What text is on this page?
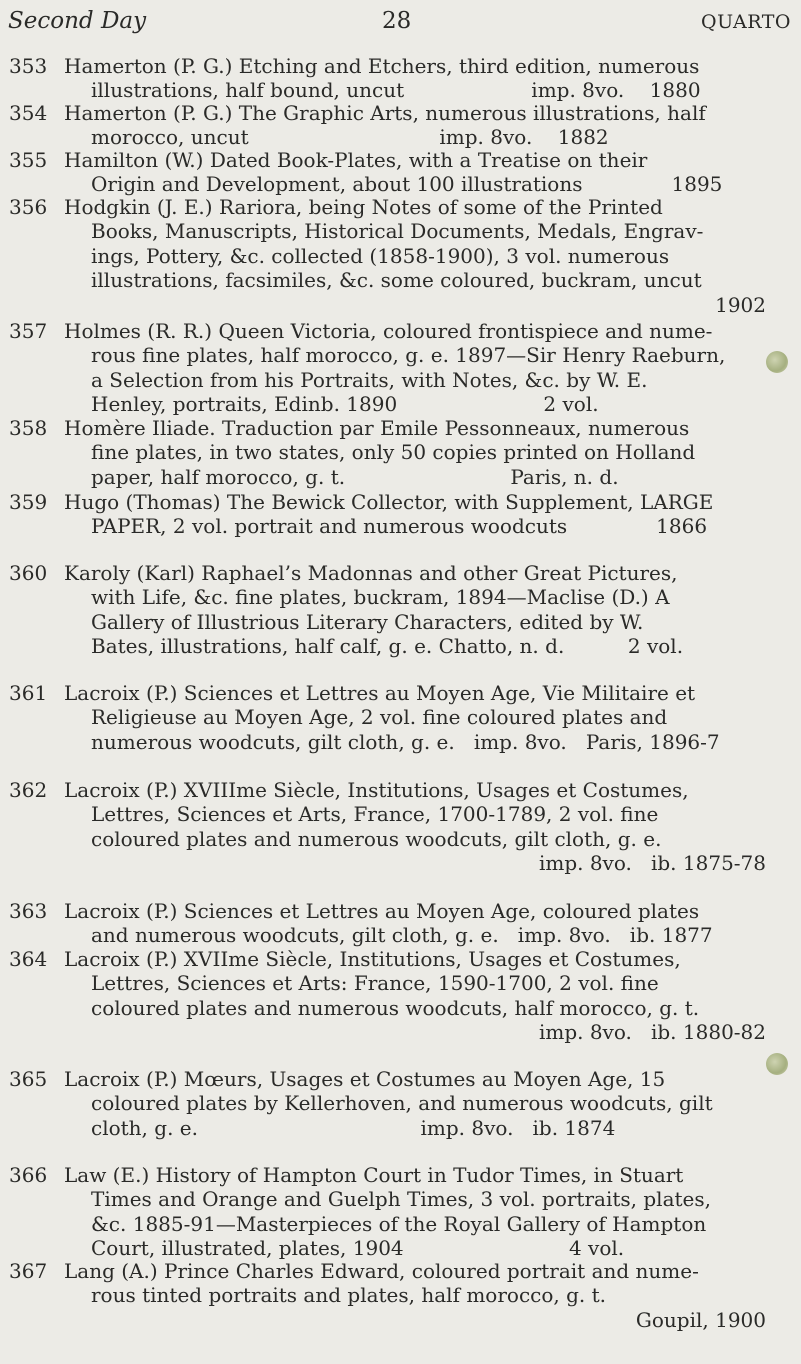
Second Day	28	QUARTO
353 Hamerton (P. G.) Etching and Etchers, third edition, numerous
illustrations, half bound, uncut                    imp. 8vo.    1880
354 Hamerton (P. G.) The Graphic Arts, numerous illustrations, half
morocco, uncut                              imp. 8vo.    1882
355 Hamilton (W.) Dated Book-Plates, with a Treatise on their
Origin and Development, about 100 illustrations              1895
356 Hodgkin (J. E.) Rariora, being Notes of some of the Printed
Books, Manuscripts, Historical Documents, Medals, Engrav-
ings, Pottery, &c. collected (1858-1900), 3 vol. numerous
illustrations, facsimiles, &c. some coloured, buckram, uncut
1902
357 Holmes (R. R.) Queen Victoria, coloured frontispiece and nume-
rous fine plates, half morocco, g. e. 1897—Sir Henry Raeburn,
a Selection from his Portraits, with Notes, &c. by W. E.
Henley, portraits, Edinb. 1890                       2 vol.
358 Homère Iliade. Traduction par Emile Pessonneaux, numerous
fine plates, in two states, only 50 copies printed on Holland
paper, half morocco, g. t.                          Paris, n. d.
359 Hugo (Thomas) The Bewick Collector, with Supplement, LARGE
PAPER, 2 vol. portrait and numerous woodcuts              1866
360 Karoly (Karl) Raphael’s Madonnas and other Great Pictures,
with Life, &c. fine plates, buckram, 1894—Maclise (D.) A
Gallery of Illustrious Literary Characters, edited by W.
Bates, illustrations, half calf, g. e. Chatto, n. d.          2 vol.
361 Lacroix (P.) Sciences et Lettres au Moyen Age, Vie Militaire et
Religieuse au Moyen Age, 2 vol. fine coloured plates and
numerous woodcuts, gilt cloth, g. e.   imp. 8vo.   Paris, 1896-7
362 Lacroix (P.) XVIIIme Siècle, Institutions, Usages et Costumes,
Lettres, Sciences et Arts, France, 1700-1789, 2 vol. fine
coloured plates and numerous woodcuts, gilt cloth, g. e.
imp. 8vo.   ib. 1875-78
363 Lacroix (P.) Sciences et Lettres au Moyen Age, coloured plates
and numerous woodcuts, gilt cloth, g. e.   imp. 8vo.   ib. 1877
364 Lacroix (P.) XVIIme Siècle, Institutions, Usages et Costumes,
Lettres, Sciences et Arts: France, 1590-1700, 2 vol. fine
coloured plates and numerous woodcuts, half morocco, g. t.
imp. 8vo.   ib. 1880-82
365 Lacroix (P.) Mœurs, Usages et Costumes au Moyen Age, 15
coloured plates by Kellerhoven, and numerous woodcuts, gilt
cloth, g. e.                                   imp. 8vo.   ib. 1874
366 Law (E.) History of Hampton Court in Tudor Times, in Stuart
Times and Orange and Guelph Times, 3 vol. portraits, plates,
&c. 1885-91—Masterpieces of the Royal Gallery of Hampton
Court, illustrated, plates, 1904                          4 vol.
367 Lang (A.) Prince Charles Edward, coloured portrait and nume-
rous tinted portraits and plates, half morocco, g. t.
Goupil, 1900
